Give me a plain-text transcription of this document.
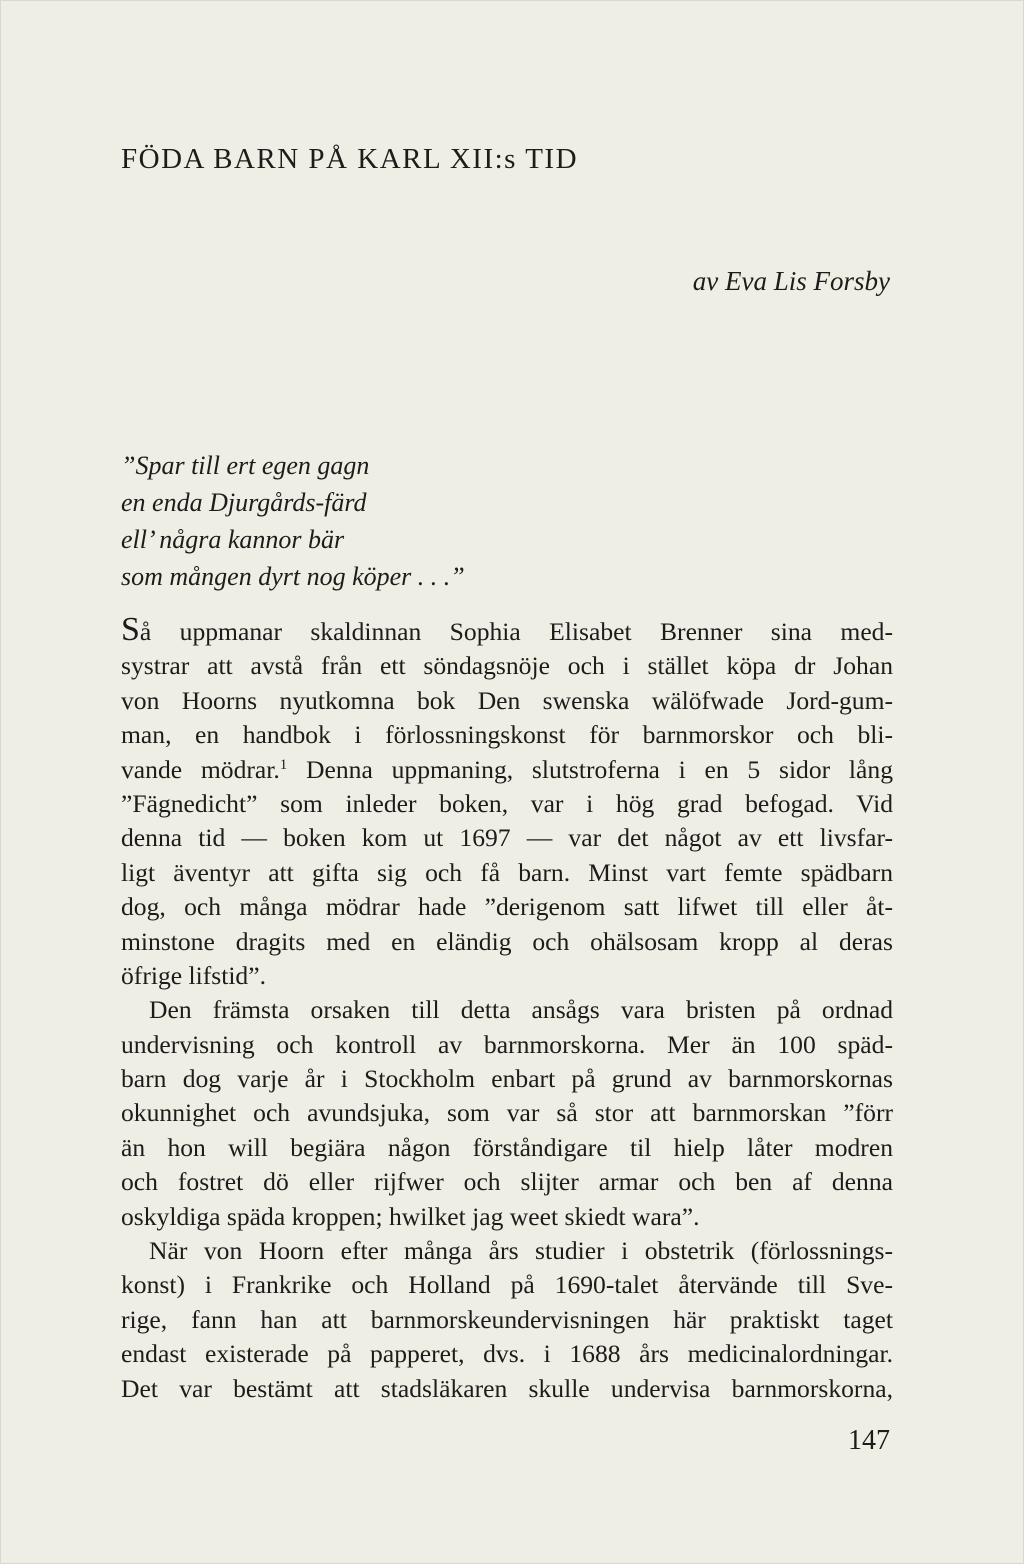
FÖDA BARN PÅ KARL XII:s TID
av Eva Lis Forsby
”Spar till ert egen gagn
en enda Djurgårds-färd
ell’ några kannor bär
som mången dyrt nog köper . . .”
Så uppmanar skaldinnan Sophia Elisabet Brenner sina med-
systrar att avstå från ett söndagsnöje och i stället köpa dr Johan
von Hoorns nyutkomna bok Den swenska wälöfwade Jord-gum-
man, en handbok i förlossningskonst för barnmorskor och bli-
vande mödrar.$^1$ Denna uppmaning, slutstroferna i en 5 sidor lång
”Fägnedicht” som inleder boken, var i hög grad befogad. Vid
denna tid — boken kom ut 1697 — var det något av ett livsfar-
ligt äventyr att gifta sig och få barn. Minst vart femte spädbarn
dog, och många mödrar hade ”derigenom satt lifwet till eller åt-
minstone dragits med en eländig och ohälsosam kropp al deras
öfrige lifstid”.
Den främsta orsaken till detta ansågs vara bristen på ordnad
undervisning och kontroll av barnmorskorna. Mer än 100 späd-
barn dog varje år i Stockholm enbart på grund av barnmorskornas
okunnighet och avundsjuka, som var så stor att barnmorskan ”förr
än hon will begiära någon förståndigare til hielp låter modren
och fostret dö eller rijfwer och slijter armar och ben af denna
oskyldiga späda kroppen; hwilket jag weet skiedt wara”.
När von Hoorn efter många års studier i obstetrik (förlossnings-
konst) i Frankrike och Holland på 1690-talet återvände till Sve-
rige, fann han att barnmorskeundervisningen här praktiskt taget
endast existerade på papperet, dvs. i 1688 års medicinalordningar.
Det var bestämt att stadsläkaren skulle undervisa barnmorskorna,
147
